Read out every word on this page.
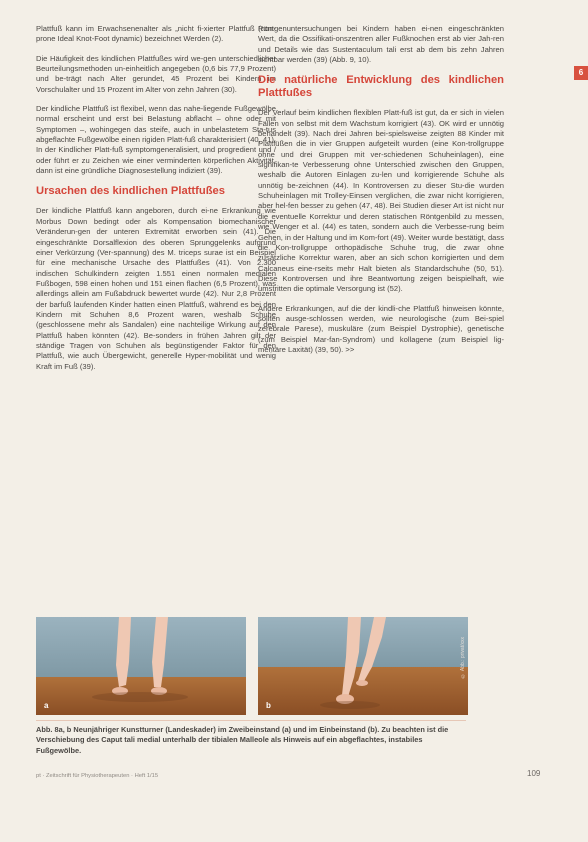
Plattfuß kann im Erwachsenenalter als „nicht fi-xierter Plattfuß (non-prone Ideal Knot-Foot dynamic) bezeichnet Werden (2).

Die Häufigkeit des kindlichen Plattfußes wird we-gen unterschiedlicher Beurteilungsmethoden un-einheitlich angegeben (0,6 bis 77,9 Prozent) und be-trägt nach Alter gerundet, 45 Prozent bei Kindern im Vorschulalter und 15 Prozent im Alter von zehn Jahren (30).

Der kindliche Plattfuß ist flexibel, wenn das nahe-liegende Fußgewölbe normal erscheint und erst bei Belastung abflacht – ohne oder mit Symptomen –, wohingegen das steife, auch in unbelastetem Sta-tus abgeflachte Fußgewölbe einen rigiden Platt-fuß charakterisiert (40, 41). In der Kindlicher Platt-fuß symptomgeneralisiert, und progredient und / oder führt er zu Zeichen wie einer verminderten körperlichen Aktivität, dann ist eine gründliche Diagnosestellung indiziert (39).

Ursachen des kindlichen Plattfußes

Der kindliche Plattfuß kann angeboren, durch ei-ne Erkrankung wie Morbus Down bedingt oder als Kompensation biomechanischer Veränderun-gen der unteren Extremität erworben sein (41). Die eingeschränkte Dorsalflexion des oberen Sprunggelenks aufgrund einer Verkürzung (Ver-spannung) des M. triceps surae ist ein Beispiel für eine mechanische Ursache des Plattfußes (41). Von 2.300 indischen Schulkindern zeigten 1.551 einen normalen medialen Fußbogen, 598 einen hohen und 151 einen flachen (6,5 Prozent), was allerdings allein am Fußabdruck bewertet wurde (42). Nur 2,8 Prozent der barfuß laufenden Kinder hatten einen Plattfuß, während es bei den Kindern mit Schuhen 8,6 Prozent waren, weshalb Schuhe (geschlossene mehr als Sandalen) eine nachteilige Wirkung auf den Plattfuß haben könnten (42). Be-sonders in frühen Jahren gilt der ständige Tragen von Schuhen als begünstigender Faktor für den Plattfuß, wie auch Übergewicht, generelle Hyper-mobilität und wenig Kraft im Fuß (39).

Röntgenuntersuchungen bei Kindern haben ei-nen eingeschränkten Wert, da die Ossifikati-onszentren aller Fußknochen erst ab vier Jah-ren und Details wie das Sustentaculum tali erst ab dem bis zehn Jahren sichtbar werden (39) (Abb. 9, 10).

Die natürliche Entwicklung des kindlichen Plattfußes

Der Verlauf beim kindlichen flexiblen Platt-fuß ist gut, da er sich in vielen Fällen von selbst mit dem Wachstum korrigiert (43). OK wird er unnötig behandelt (39). Nach drei Jahren bei-spielsweise zeigten 88 Kinder mit Plattfüßen die in vier Gruppen aufgeteilt wurden (eine Kon-trollgruppe ohne und drei Gruppen mit ver-schiedenen Schuheinlagen), eine signifikan-te Verbesserung ohne Unterschied zwischen den Gruppen, weshalb die Autoren Einlagen zu-len und korrigierende Schuhe als unnötig be-zeichnen (44). In Kontroversen zu dieser Stu-die wurden Schuheinlagen mit Trolley-Einsen verglichen, die zwar nicht korrigieren, aber hel-fen besser zu gehen (47, 48). Bei Studien dieser Art ist nicht nur die eventuelle Korrektur und deren statischen Röntgenbild zu messen, wie Wenger et al. (44) es taten, sondern auch die Verbesse-rung beim Gehen, in der Haltung und im Kom-fort (49). Weiter wurde bestätigt, dass die Kon-trollgruppe orthopädische Schuhe trug, die zwar ohne zusätzliche Korrektur waren, aber an sich schon korrigierten und dem Calcaneus eine-rseits mehr Halt bieten als Standardschuhe (50, 51). Diese Kontroversen und ihre Beantwortung zeigen beispielhaft, wie umstritten die optimale Versorgung ist (52).

Andere Erkrankungen, auf die der kindli-che Plattfuß hinweisen könnte, sollten ausge-schlossen werden, wie neurologische (zum Bei-spiel zerebrale Parese), muskuläre (zum Beispiel Dystrophie), genetische (zum Beispiel Mar-fan-Syndrom) und kollagene (zum Beispiel lig-mentäre Laxität) (39, 50). >>

6
a	b
© Abb.: privat/xxx
Abb. 8a, b Neunjähriger Kunstturner (Landeskader) im Zweibeinstand (a) und im Einbeinstand (b). Zu beachten ist die Verschiebung des Caput tali medial unterhalb der tibialen Malleole als Hinweis auf ein abgeflachtes, instabiles Fußgewölbe.
pt · Zeitschrift für Physiotherapeuten · Heft 1/15	109
